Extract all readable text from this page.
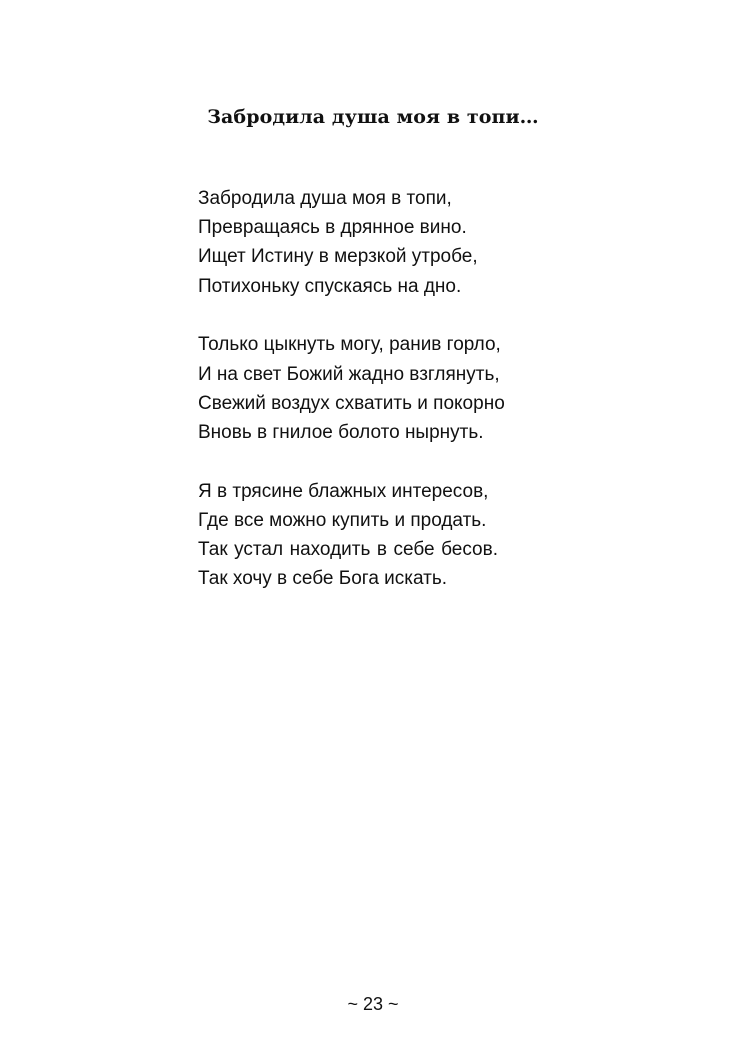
Забродила душа моя в топи…
Забродила душа моя в топи,
Превращаясь в дрянное вино.
Ищет Истину в мерзкой утробе,
Потихоньку спускаясь на дно.
Только цыкнуть могу, ранив горло,
И на свет Божий жадно взглянуть,
Свежий воздух схватить и покорно
Вновь в гнилое болото нырнуть.
Я в трясине блажных интересов,
Где все можно купить и продать.
Так устал находить в себе бесов. Так хочу в себе Бога искать.
~ 23 ~
